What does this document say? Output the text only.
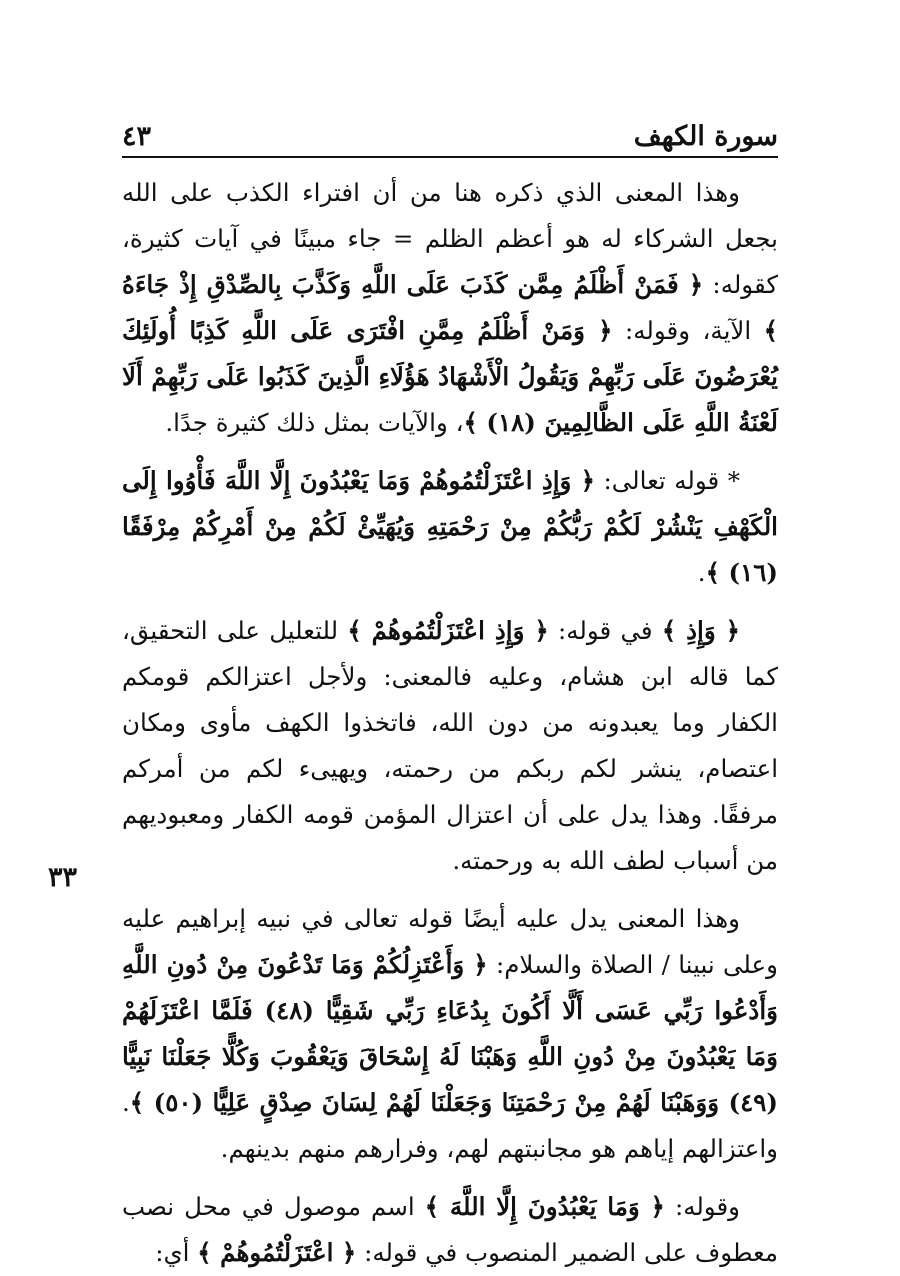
سورة الكهف
٤٣
٣٣

وهذا المعنى الذي ذكره هنا من أن افتراء الكذب على الله بجعل الشركاء له هو أعظم الظلم = جاء مبينًا في آيات كثيرة، كقوله: ﴿ فَمَنْ أَظْلَمُ مِمَّن كَذَبَ عَلَى اللَّهِ وَكَذَّبَ بِالصِّدْقِ إِذْ جَاءَهُ ﴾ الآية، وقوله: ﴿ وَمَنْ أَظْلَمُ مِمَّنِ افْتَرَى عَلَى اللَّهِ كَذِبًا أُولَئِكَ يُعْرَضُونَ عَلَى رَبِّهِمْ وَيَقُولُ الْأَشْهَادُ هَؤُلَاءِ الَّذِينَ كَذَبُوا عَلَى رَبِّهِمْ أَلَا لَعْنَةُ اللَّهِ عَلَى الظَّالِمِينَ (١٨) ﴾، والآيات بمثل ذلك كثيرة جدًا.

* قوله تعالى: ﴿ وَإِذِ اعْتَزَلْتُمُوهُمْ وَمَا يَعْبُدُونَ إِلَّا اللَّهَ فَأْوُوا إِلَى الْكَهْفِ يَنْشُرْ لَكُمْ رَبُّكُمْ مِنْ رَحْمَتِهِ وَيُهَيِّئْ لَكُمْ مِنْ أَمْرِكُمْ مِرْفَقًا (١٦) ﴾.

﴿ وَإِذِ ﴾ في قوله: ﴿ وَإِذِ اعْتَزَلْتُمُوهُمْ ﴾ للتعليل على التحقيق، كما قاله ابن هشام، وعليه فالمعنى: ولأجل اعتزالكم قومكم الكفار وما يعبدونه من دون الله، فاتخذوا الكهف مأوى ومكان اعتصام، ينشر لكم ربكم من رحمته، ويهيىء لكم من أمركم مرفقًا. وهذا يدل على أن اعتزال المؤمن قومه الكفار ومعبوديهم من أسباب لطف الله به ورحمته.

وهذا المعنى يدل عليه أيضًا قوله تعالى في نبيه إبراهيم عليه وعلى نبينا / الصلاة والسلام: ﴿ وَأَعْتَزِلُكُمْ وَمَا تَدْعُونَ مِنْ دُونِ اللَّهِ وَأَدْعُوا رَبِّي عَسَى أَلَّا أَكُونَ بِدُعَاءِ رَبِّي شَقِيًّا (٤٨) فَلَمَّا اعْتَزَلَهُمْ وَمَا يَعْبُدُونَ مِنْ دُونِ اللَّهِ وَهَبْنَا لَهُ إِسْحَاقَ وَيَعْقُوبَ وَكُلًّا جَعَلْنَا نَبِيًّا (٤٩) وَوَهَبْنَا لَهُمْ مِنْ رَحْمَتِنَا وَجَعَلْنَا لَهُمْ لِسَانَ صِدْقٍ عَلِيًّا (٥٠) ﴾. واعتزالهم إياهم هو مجانبتهم لهم، وفرارهم منهم بدينهم.

وقوله: ﴿ وَمَا يَعْبُدُونَ إِلَّا اللَّهَ ﴾ اسم موصول في محل نصب معطوف على الضمير المنصوب في قوله: ﴿ اعْتَزَلْتُمُوهُمْ ﴾ أي:
